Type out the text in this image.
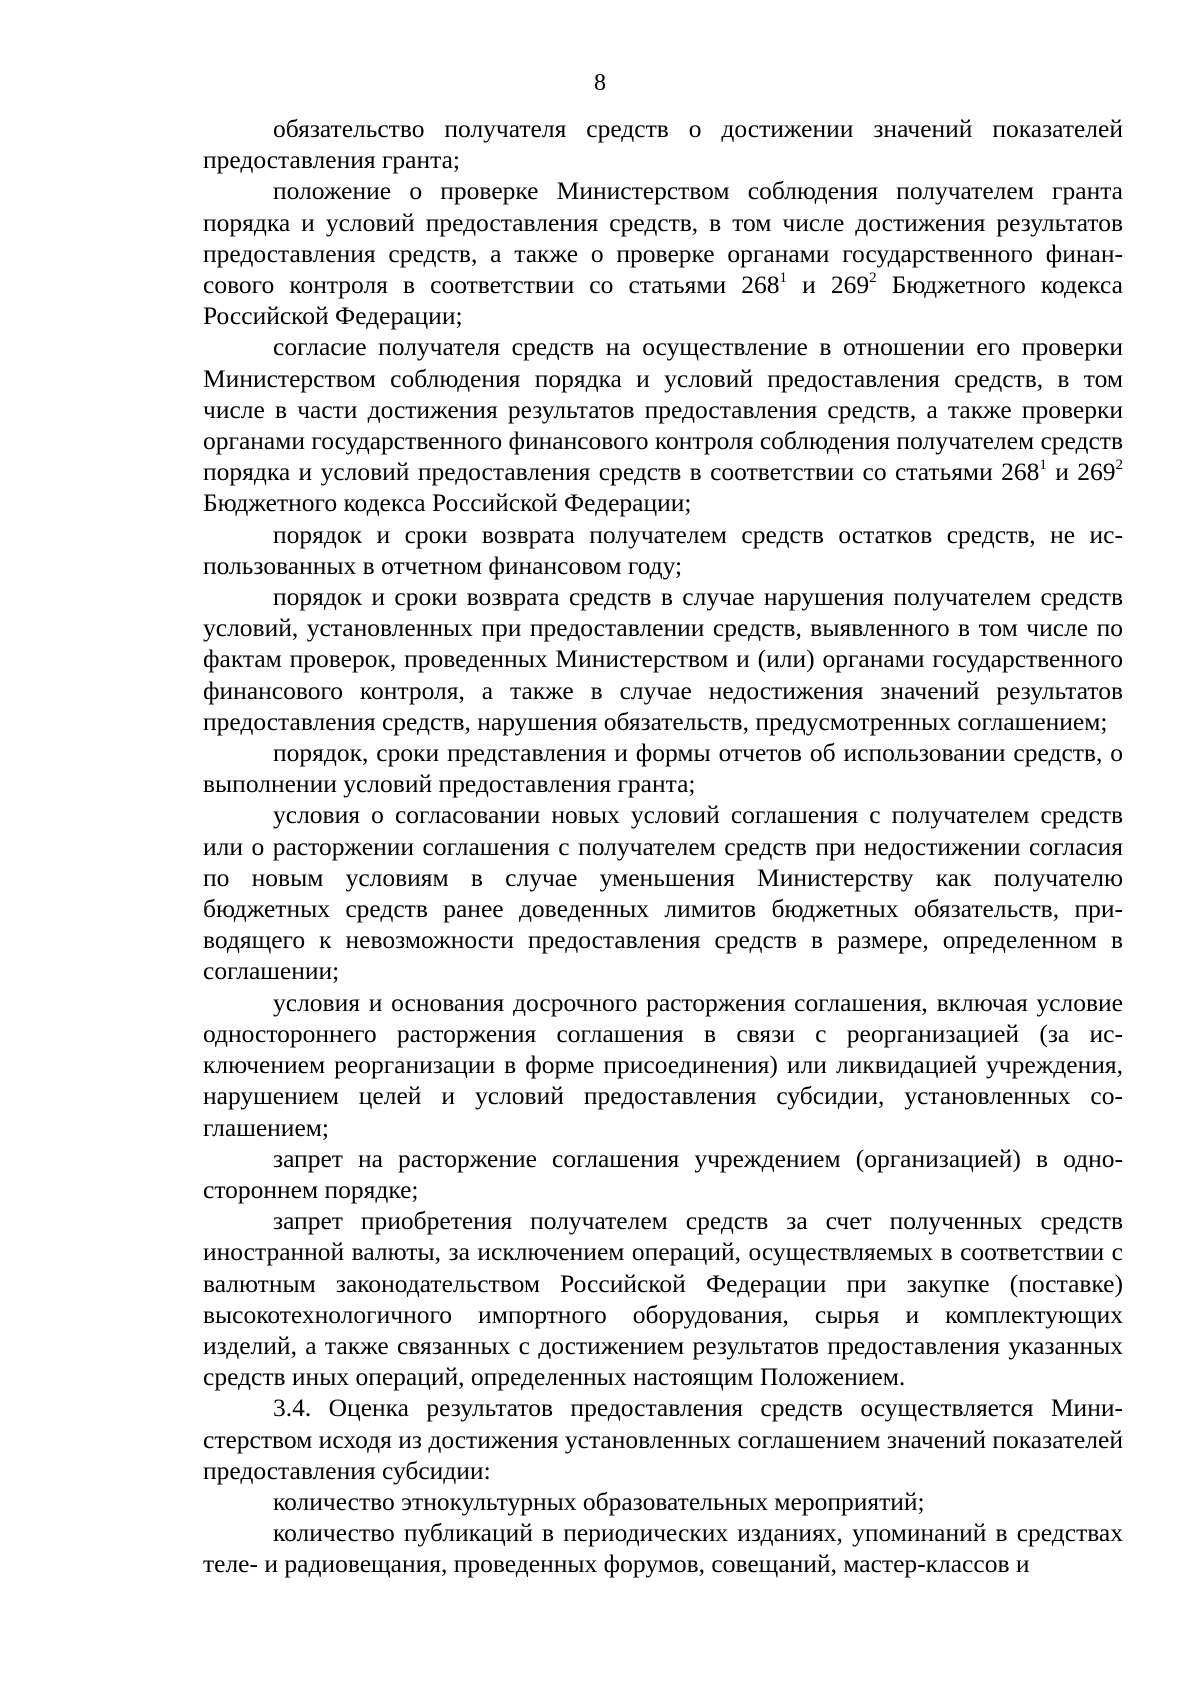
8

обязательство получателя средств о достижении значений показателей предоставления гранта;

положение о проверке Министерством соблюдения получателем гранта порядка и условий предоставления средств, в том числе достижения результатов предоставления средств, а также о проверке органами государственного финансового контроля в соответствии со статьями $268^1$ и $269^2$ Бюджетного кодекса Российской Федерации;

согласие получателя средств на осуществление в отношении его проверки Министерством соблюдения порядка и условий предоставления средств, в том числе в части достижения результатов предоставления средств, а также проверки органами государственного финансового контроля соблюдения получателем средств порядка и условий предоставления средств в соответствии со статьями $268^1$ и $269^2$ Бюджетного кодекса Российской Федерации;

порядок и сроки возврата получателем средств остатков средств, не использованных в отчетном финансовом году;

порядок и сроки возврата средств в случае нарушения получателем средств условий, установленных при предоставлении средств, выявленного в том числе по фактам проверок, проведенных Министерством и (или) органами государственного финансового контроля, а также в случае недостижения значений результатов предоставления средств, нарушения обязательств, предусмотренных соглашением;

порядок, сроки представления и формы отчетов об использовании средств, о выполнении условий предоставления гранта;

условия о согласовании новых условий соглашения с получателем средств или о расторжении соглашения с получателем средств при недостижении согласия по новым условиям в случае уменьшения Министерству как получателю бюджетных средств ранее доведенных лимитов бюджетных обязательств, приводящего к невозможности предоставления средств в размере, определенном в соглашении;

условия и основания досрочного расторжения соглашения, включая условие одностороннего расторжения соглашения в связи с реорганизацией (за исключением реорганизации в форме присоединения) или ликвидацией учреждения, нарушением целей и условий предоставления субсидии, установленных соглашением;

запрет на расторжение соглашения учреждением (организацией) в одностороннем порядке;

запрет приобретения получателем средств за счет полученных средств иностранной валюты, за исключением операций, осуществляемых в соответствии с валютным законодательством Российской Федерации при закупке (поставке) высокотехнологичного импортного оборудования, сырья и комплектующих изделий, а также связанных с достижением результатов предоставления указанных средств иных операций, определенных настоящим Положением.

3.4. Оценка результатов предоставления средств осуществляется Министерством исходя из достижения установленных соглашением значений показателей предоставления субсидии:

количество этнокультурных образовательных мероприятий;

количество публикаций в периодических изданиях, упоминаний в средствах теле- и радиовещания, проведенных форумов, совещаний, мастер-классов и
